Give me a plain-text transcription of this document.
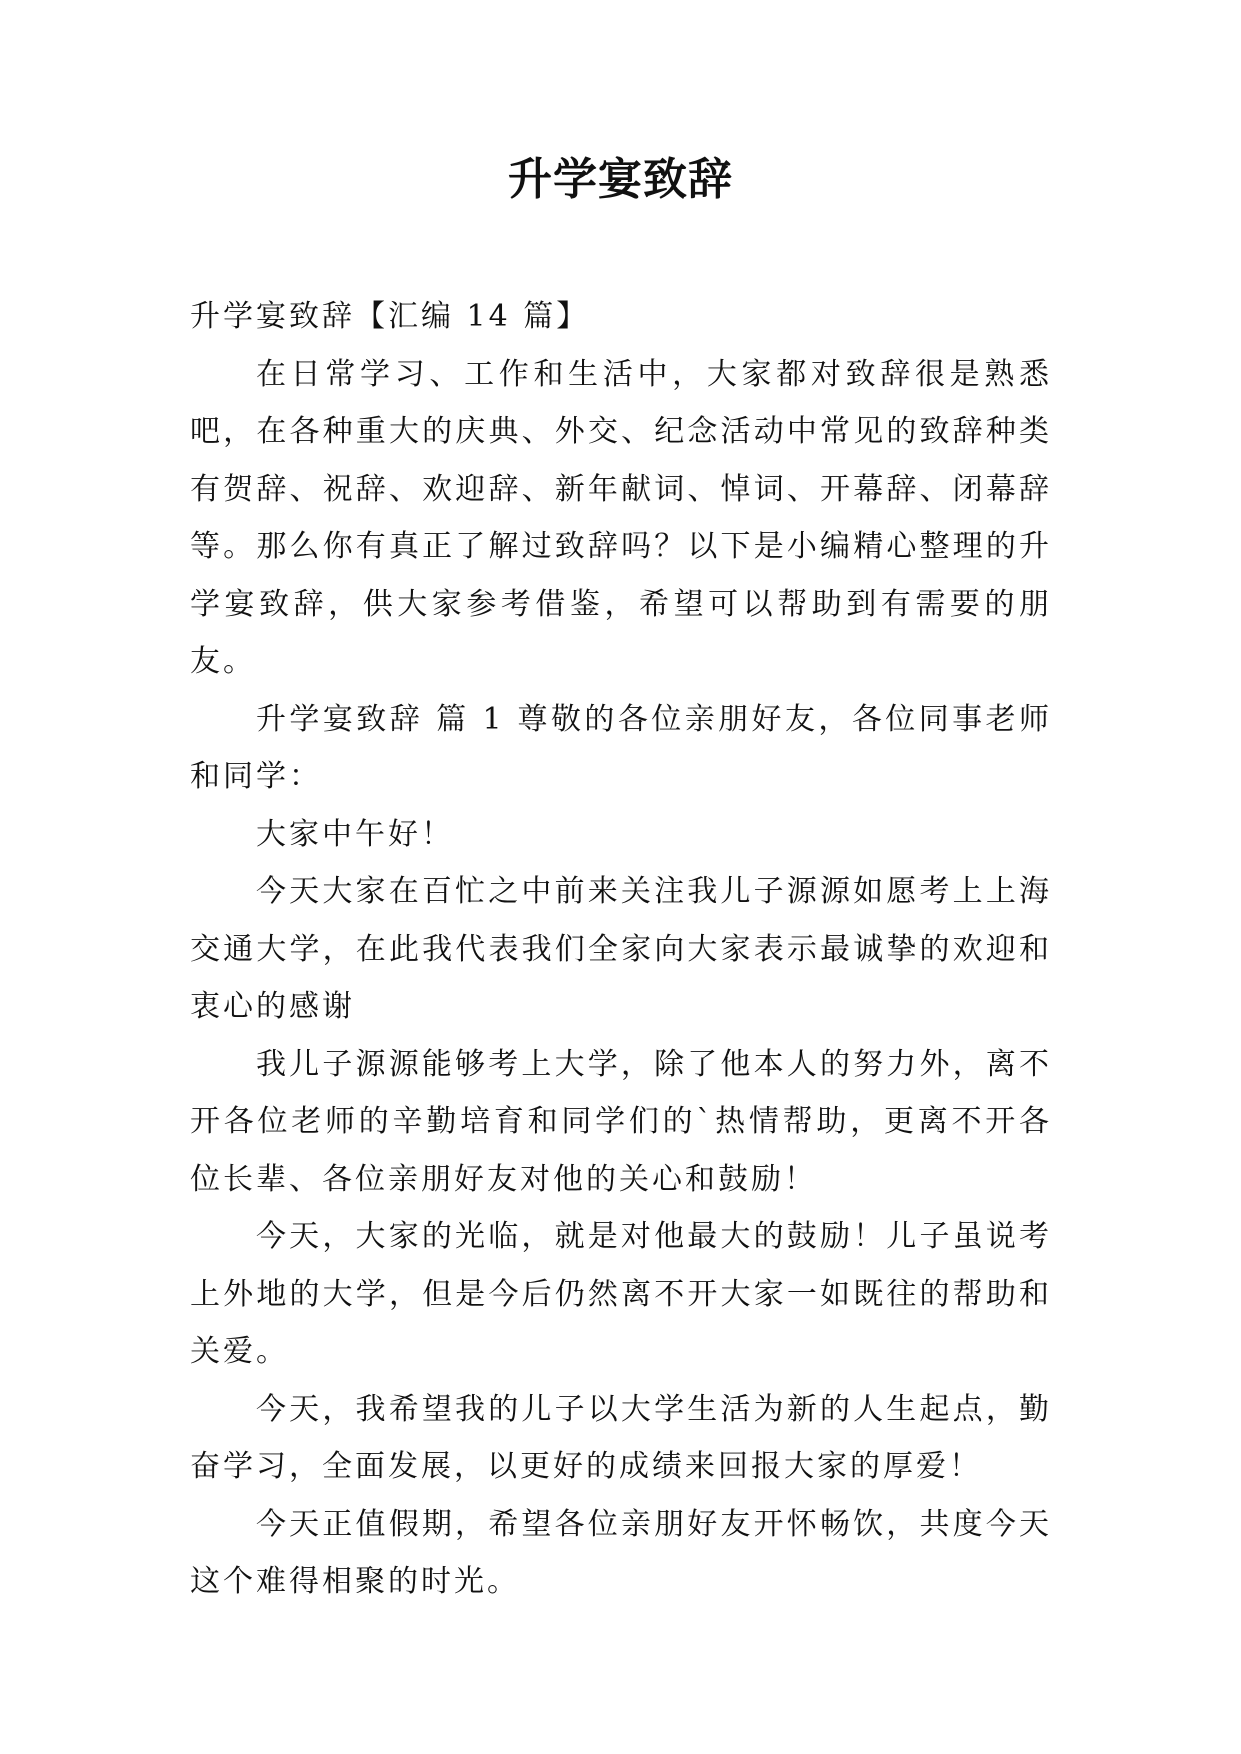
升学宴致辞

升学宴致辞【汇编 14 篇】

在日常学习、工作和生活中，大家都对致辞很是熟悉吧，在各种重大的庆典、外交、纪念活动中常见的致辞种类有贺辞、祝辞、欢迎辞、新年献词、悼词、开幕辞、闭幕辞等。那么你有真正了解过致辞吗？以下是小编精心整理的升学宴致辞，供大家参考借鉴，希望可以帮助到有需要的朋友。

升学宴致辞 篇 1 尊敬的各位亲朋好友，各位同事老师和同学：

大家中午好！

今天大家在百忙之中前来关注我儿子源源如愿考上上海交通大学，在此我代表我们全家向大家表示最诚挚的欢迎和衷心的感谢

我儿子源源能够考上大学，除了他本人的努力外，离不开各位老师的辛勤培育和同学们的`热情帮助，更离不开各位长辈、各位亲朋好友对他的关心和鼓励！

今天，大家的光临，就是对他最大的鼓励！儿子虽说考上外地的大学，但是今后仍然离不开大家一如既往的帮助和关爱。

今天，我希望我的儿子以大学生活为新的人生起点，勤奋学习，全面发展，以更好的成绩来回报大家的厚爱！

今天正值假期，希望各位亲朋好友开怀畅饮，共度今天这个难得相聚的时光。
